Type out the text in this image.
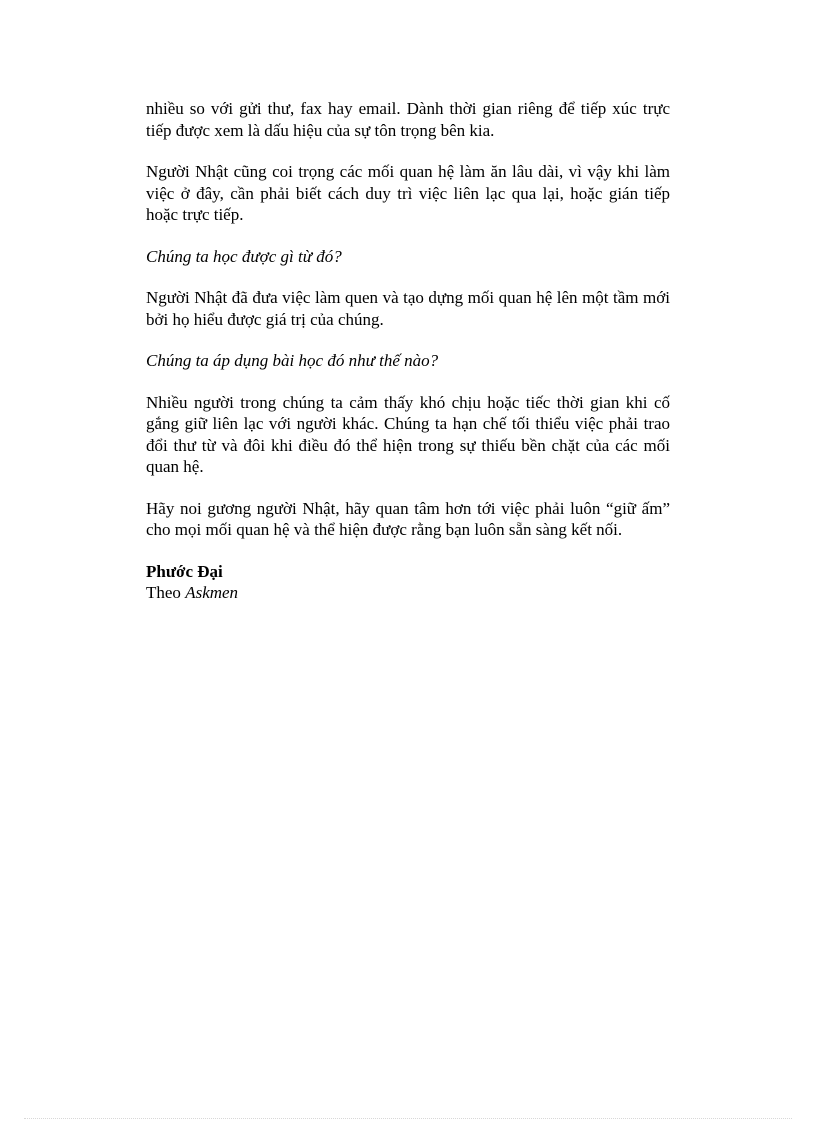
nhiều so với gửi thư, fax hay email. Dành thời gian riêng để tiếp xúc trực tiếp được xem là dấu hiệu của sự tôn trọng bên kia.

Người Nhật cũng coi trọng các mối quan hệ làm ăn lâu dài, vì vậy khi làm việc ở đây, cần phải biết cách duy trì việc liên lạc qua lại, hoặc gián tiếp hoặc trực tiếp.

Chúng ta học được gì từ đó?

Người Nhật đã đưa việc làm quen và tạo dựng mối quan hệ lên một tầm mới bởi họ hiểu được giá trị của chúng.

Chúng ta áp dụng bài học đó như thế nào?

Nhiều người trong chúng ta cảm thấy khó chịu hoặc tiếc thời gian khi cố gắng giữ liên lạc với người khác. Chúng ta hạn chế tối thiểu việc phải trao đổi thư từ và đôi khi điều đó thể hiện trong sự thiếu bền chặt của các mối quan hệ.

Hãy noi gương người Nhật, hãy quan tâm hơn tới việc phải luôn “giữ ấm” cho mọi mối quan hệ và thể hiện được rằng bạn luôn sẵn sàng kết nối.

Phước Đại

Theo Askmen
